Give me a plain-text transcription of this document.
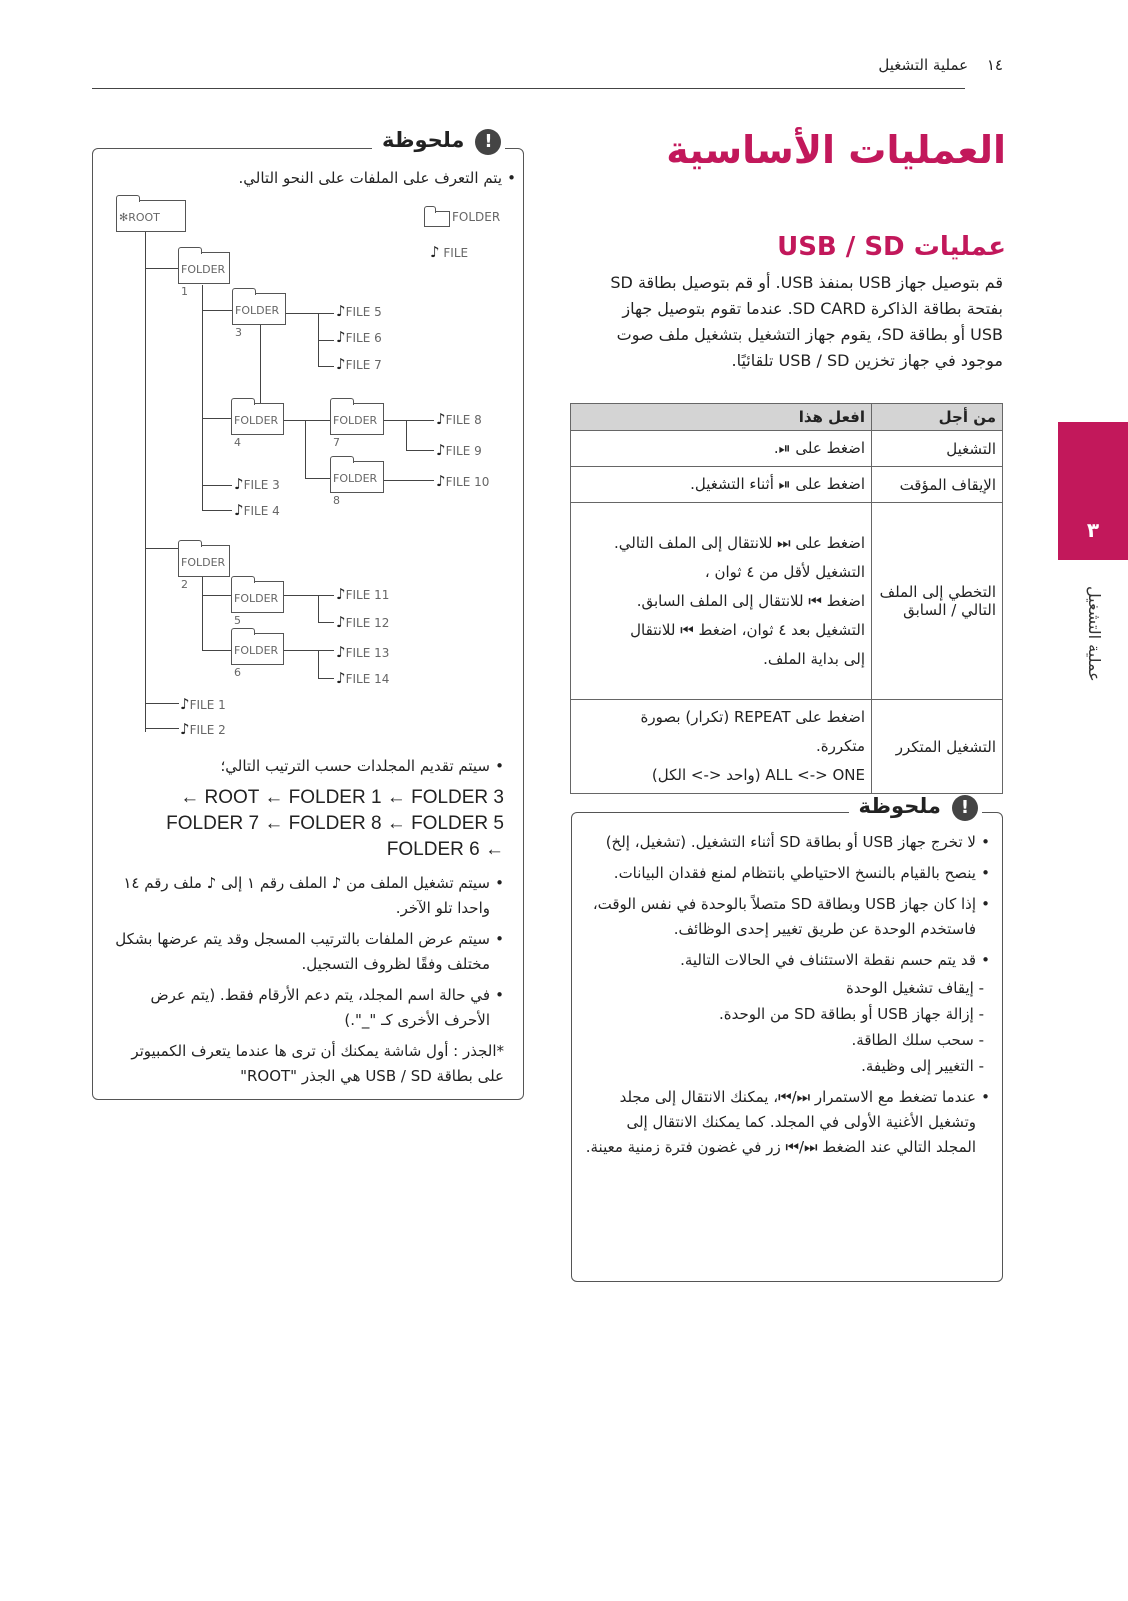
١٤ عملية التشغيل
العمليات الأساسية
عمليات USB / SD

قم بتوصيل جهاز USB بمنفذ USB. أو قم بتوصيل بطاقة SD

بفتحة بطاقة الذاكرة SD CARD. عندما تقوم بتوصيل جهاز

USB أو بطاقة SD، يقوم جهاز التشغيل بتشغيل ملف صوت

موجود في جهاز تخزين USB / SD تلقائيًا.

٣
عملية التشغيل
من أجل	افعل هذا
التشغيل	اضغط على ⏯.

الإيقاف المؤقت	اضغط على ⏯ أثناء التشغيل.

التخطي إلى الملف التالي / السابق	اضغط على ⏭ للانتقال إلى الملف التالي.
التشغيل لأقل من ٤ ثوان ،
اضغط ⏮ للانتقال إلى الملف السابق.
التشغيل بعد ٤ ثوان، اضغط ⏮ للانتقال
إلى بداية الملف.

التشغيل المتكرر	اضغط على REPEAT (تكرار) بصورة
متكررة.
ALL <-> ONE (واحد <-> الكل)
! ملحوظة
• لا تخرج جهاز USB أو بطاقة SD أثناء التشغيل. (تشغيل، إلخ)
• ينصح بالقيام بالنسخ الاحتياطي بانتظام لمنع فقدان البيانات.
• إذا كان جهاز USB وبطاقة SD متصلاً بالوحدة في نفس الوقت، فاستخدم الوحدة عن طريق تغيير إحدى الوظائف.
• قد يتم حسم نقطة الاستئناف في الحالات التالية.
- إيقاف تشغيل الوحدة
- إزالة جهاز USB أو بطاقة SD من الوحدة.
- سحب سلك الطاقة.
- التغيير إلى وظيفة.
• عندما تضغط مع الاستمرار ⏭/⏮، يمكنك الانتقال إلى مجلد وتشغيل الأغنية الأولى في المجلد. كما يمكنك الانتقال إلى المجلد التالي عند الضغط ⏭/⏮ زر في غضون فترة زمنية معينة.
! ملحوظة
• يتم التعرف على الملفات على النحو التالي.
FOLDER
♪ FILE
✻ROOT
FOLDER 1
FOLDER 3
FOLDER 4
FOLDER 7
FOLDER 8
FOLDER 2
FOLDER 5
FOLDER 6
♪FILE 5
♪FILE 6
♪FILE 7
♪FILE 8
♪FILE 9
♪FILE 10
♪FILE 3
♪FILE 4
♪FILE 11
♪FILE 12
♪FILE 13
♪FILE 14
♪FILE 1
♪FILE 2
• سيتم تقديم المجلدات حسب الترتيب التالي؛
ROOT ← FOLDER 1 ← FOLDER 3 ←
FOLDER 7 ← FOLDER 8 ← FOLDER 5
← FOLDER 6
• سيتم تشغيل الملف من ♪ الملف رقم ١ إلى ♪ ملف رقم ١٤ واحدا تلو الآخر.
• سيتم عرض الملفات بالترتيب المسجل وقد يتم عرضها بشكل مختلف وفقًا لظروف التسجيل.
• في حالة اسم المجلد، يتم دعم الأرقام فقط. (يتم عرض الأحرف الأخرى كـ "_".)
*الجذر : أول شاشة يمكنك أن ترى ها عندما يتعرف الكمبيوتر على بطاقة USB / SD هي الجذر "ROOT"
